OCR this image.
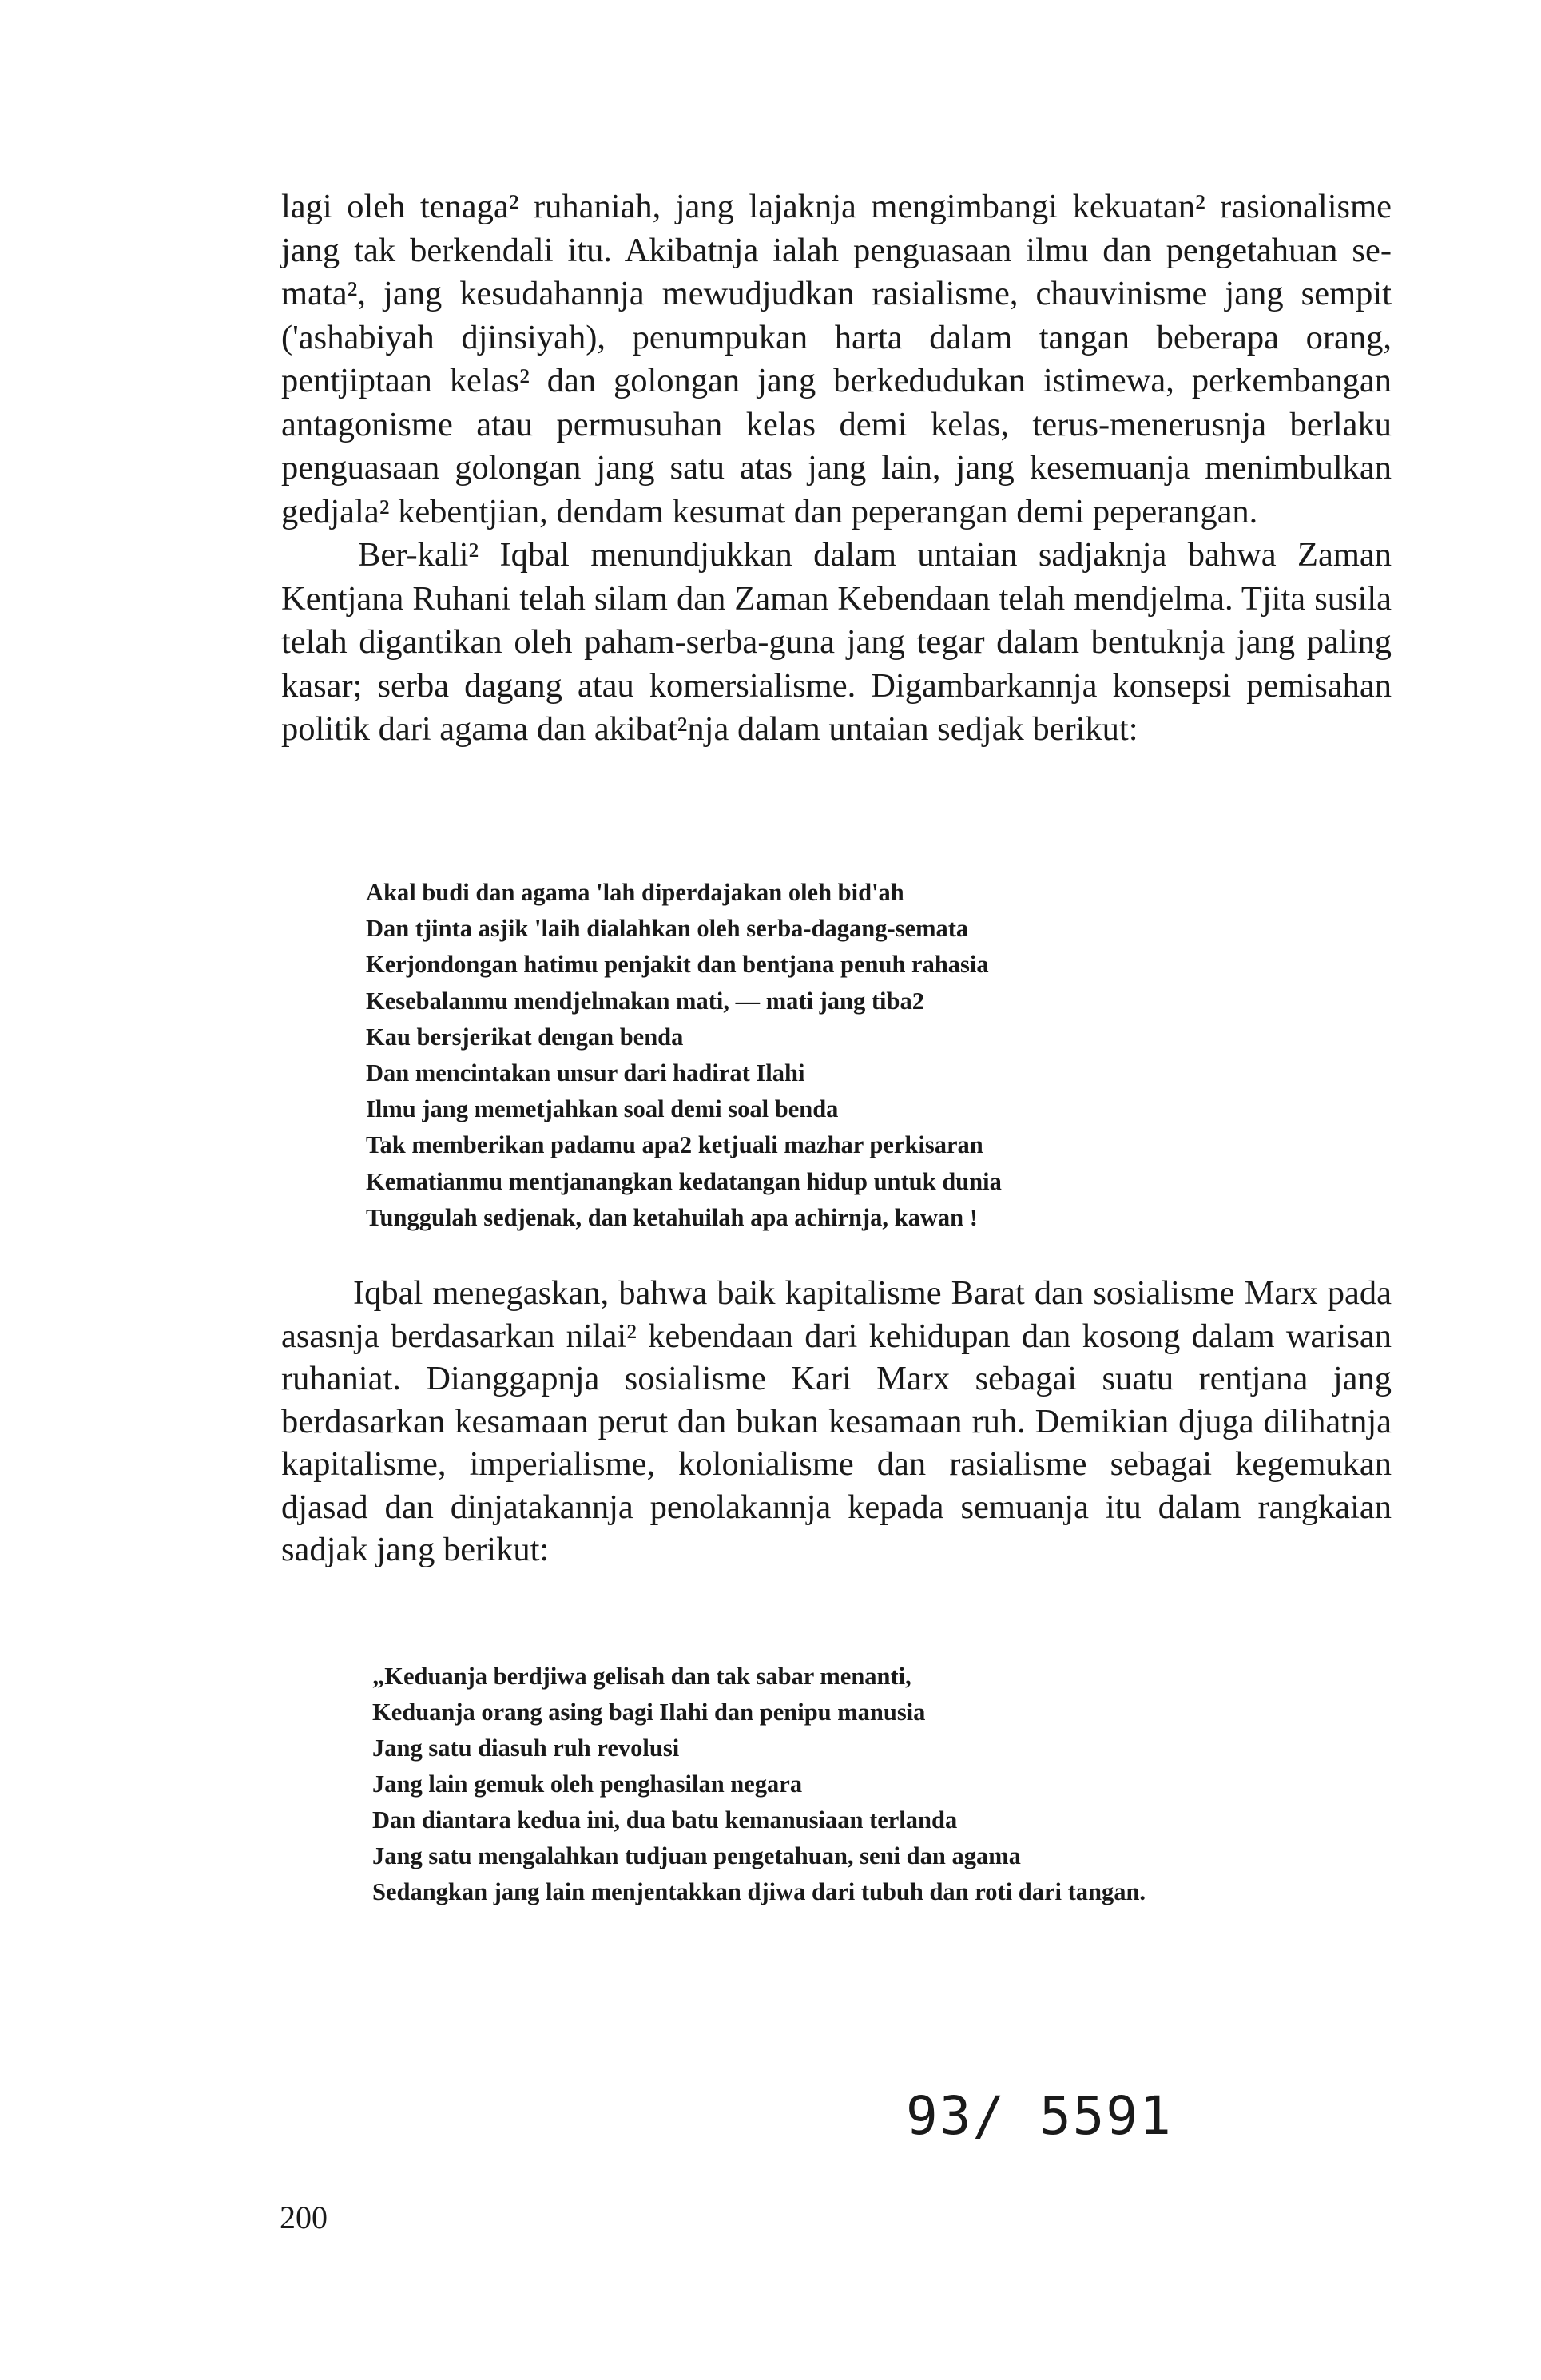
lagi oleh tenaga² ruhaniah, jang lajaknja mengimbangi kekuatan² rasionalisme jang tak berkendali itu. Akibatnja ialah penguasaan ilmu dan pengetahuan se-mata², jang kesudahannja mewudjudkan rasialisme, chauvinisme jang sempit ('ashabiyah djinsiyah), penumpukan harta dalam tangan beberapa orang, pentjiptaan kelas² dan golongan jang berkedudukan istimewa, perkembangan antagonisme atau permusuhan kelas demi kelas, terus-menerusnja berlaku penguasaan golongan jang satu atas jang lain, jang kesemuanja menimbulkan gedjala² kebentjian, dendam kesumat dan peperangan demi peperangan.

Ber-kali² Iqbal menundjukkan dalam untaian sadjaknja bahwa Zaman Kentjana Ruhani telah silam dan Zaman Kebendaan telah mendjelma. Tjita susila telah digantikan oleh paham-serba-guna jang tegar dalam bentuknja jang paling kasar; serba dagang atau komersialisme. Digambarkannja konsepsi pemisahan politik dari agama dan akibat²nja dalam untaian sedjak berikut:

Akal budi dan agama 'lah diperdajakan oleh bid'ah
Dan tjinta asjik 'laih dialahkan oleh serba-dagang-semata
Kerjondongan hatimu penjakit dan bentjana penuh rahasia
Kesebalanmu mendjelmakan mati, — mati jang tiba2
Kau bersjerikat dengan benda
Dan mencintakan unsur dari hadirat Ilahi
Ilmu jang memetjahkan soal demi soal benda
Tak memberikan padamu apa2 ketjuali mazhar perkisaran
Kematianmu mentjanangkan kedatangan hidup untuk dunia
Tunggulah sedjenak, dan ketahuilah apa achirnja, kawan !

Iqbal menegaskan, bahwa baik kapitalisme Barat dan sosialisme Marx pada asasnja berdasarkan nilai² kebendaan dari kehidupan dan kosong dalam warisan ruhaniat. Dianggapnja sosialisme Kari Marx sebagai suatu rentjana jang berdasarkan kesamaan perut dan bukan kesamaan ruh. Demikian djuga dilihatnja kapitalisme, imperialisme, kolonialisme dan rasialisme sebagai kegemukan djasad dan dinjatakannja penolakannja kepada semuanja itu dalam rangkaian sadjak jang berikut:

„Keduanja berdjiwa gelisah dan tak sabar menanti,
Keduanja orang asing bagi Ilahi dan penipu manusia
Jang satu diasuh ruh revolusi
Jang lain gemuk oleh penghasilan negara
Dan diantara kedua ini, dua batu kemanusiaan terlanda
Jang satu mengalahkan tudjuan pengetahuan, seni dan agama
Sedangkan jang lain menjentakkan djiwa dari tubuh dan roti dari tangan.
93/ 5591
200
